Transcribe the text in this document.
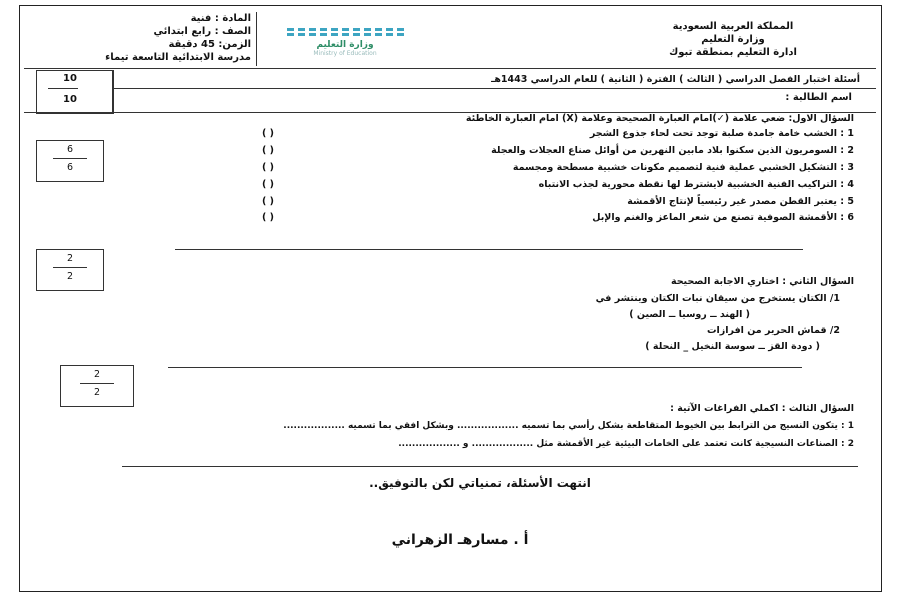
المملكة العربية السعودية
وزارة التعليم
ادارة التعليم بمنطقة تبوك
وزارة التعليم
Ministry of Education
المادة : فنية
الصف : رابع ابتدائي
الزمن: 45 دقيقة
مدرسة الابتدائية التاسعة تيماء
10
10
أسئلة اختبار الفصل الدراسي ( الثالث ) الفترة ( الثانية ) للعام الدراسي 1443هـ
اسم الطالبة :
السؤال الاول: ضعي علامة (✓)امام العبارة الصحيحة وعلامة (X) امام العبارة الخاطئة
6
6
1 : الخشب خامة جامدة صلبة توجد تحت لحاء جذوع الشجر
2 : السومريون الذين سكنوا بلاد مابين النهرين من أوائل صناع العجلات والعجلة
3 : التشكيل الخشبي عملية فنية لتصميم مكونات خشبية مسطحة ومجسمة
4 : التراكيب الفنية الخشبية لايشترط لها نقطة محورية لجذب الانتباه
5 : يعتبر القطن مصدر غير رئيسياً لإنتاج الأقمشة
6 : الأقمشة الصوفية تصنع من شعر الماعز والغنم والإبل
( )
( )
( )
( )
( )
( )
2
2	السؤال الثاني : اختاري الاجابة الصحيحة
1/ الكتان يستخرج من سيقان نبات الكتان وينتشر في
( الهند ــ روسيا ــ الصين )
2/ قماش الحرير من افرازات
( دودة القز ــ سوسة النخيل _ النحلة )
2
2
السؤال الثالث : اكملي الفراغات الآتية :
1 : يتكون النسيج من الترابط بين الخيوط المتقاطعة بشكل رأسي بما تسميه .................. وبشكل افقي بما تسميه ..................
2 : الصناعات النسيجية كانت تعتمد على الخامات البيئية غير الأقمشة مثل .................. و ..................
انتهت الأسئلة، تمنياتي لكن بالتوفيق..
أ . مسارهـ الزهراني
